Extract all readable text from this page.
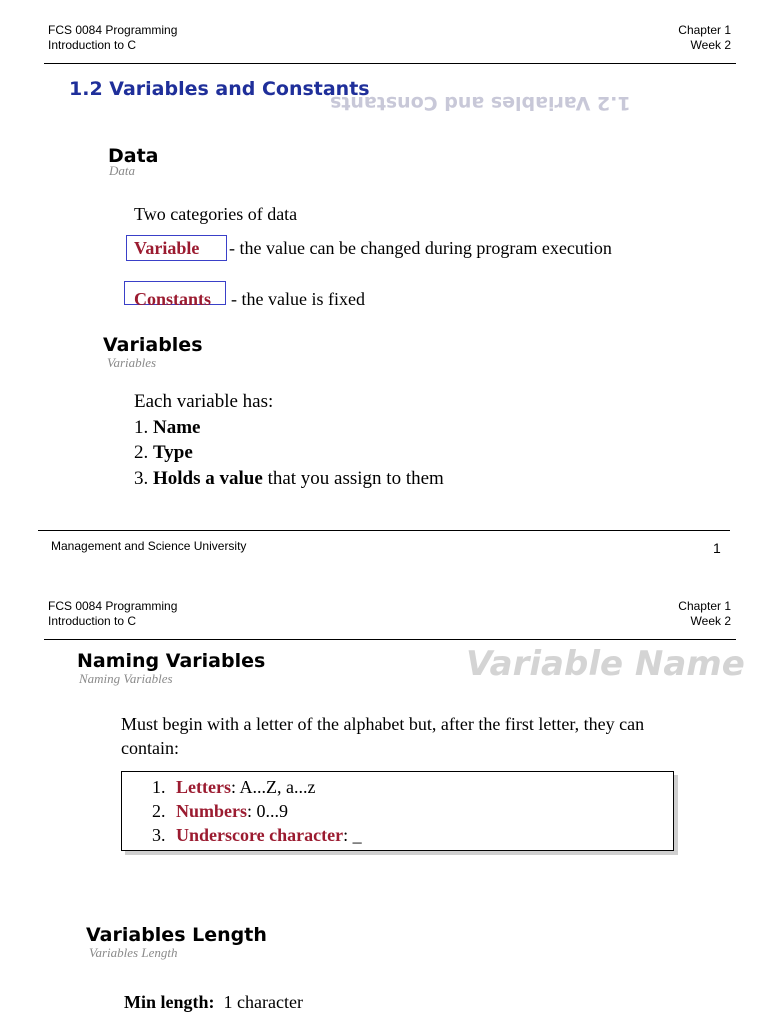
FCS 0084 Programming
Introduction to C
Chapter 1
Week 2
1.2 Variables and Constants
1.2 Variables and Constants
Data
Data
Two categories of data
Variable - the value can be changed during program execution
Constants - the value is fixed
Variables
Variables
Each variable has:
1. Name
2. Type
3. Holds a value that you assign to them
Management and Science University	1
FCS 0084 Programming
Introduction to C
Chapter 1
Week 2
Variable Name
Naming Variables
Naming Variables
Must begin with a letter of the alphabet but, after the first letter, they can
contain:
1. Letters: A...Z, a...z
2. Numbers: 0...9
3. Underscore character: _
Variables Length
Variables Length
Min length: 1 character
